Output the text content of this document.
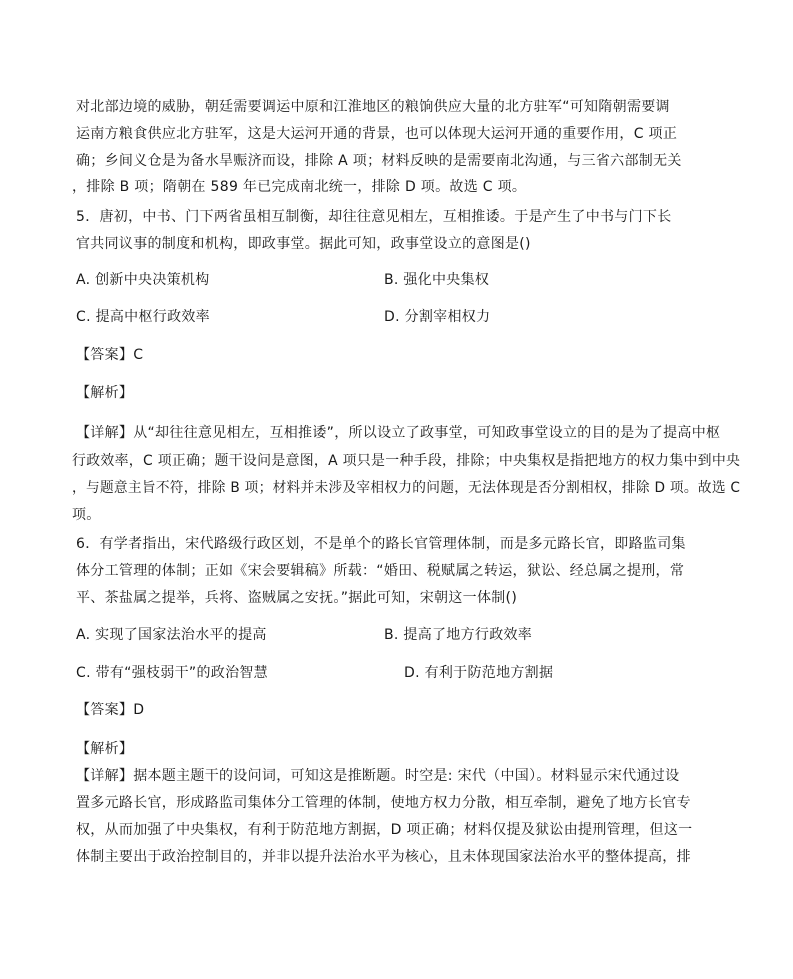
对北部边境的威胁，朝廷需要调运中原和江淮地区的粮饷供应大量的北方驻军“可知隋朝需要调
运南方粮食供应北方驻军，这是大运河开通的背景，也可以体现大运河开通的重要作用，C 项正
确；乡间义仓是为备水旱赈济而设，排除 A 项；材料反映的是需要南北沟通，与三省六部制无关
，排除 B 项；隋朝在 589 年已完成南北统一，排除 D 项。故选 C 项。
5．唐初，中书、门下两省虽相互制衡，却往往意见相左，互相推诿。于是产生了中书与门下长
官共同议事的制度和机构，即政事堂。据此可知，政事堂设立的意图是()
A. 创新中央决策机构	B. 强化中央集权
C. 提高中枢行政效率	D. 分割宰相权力
【答案】C
【解析】
【详解】从“却往往意见相左，互相推诿”，所以设立了政事堂，可知政事堂设立的目的是为了提高中枢
行政效率，C 项正确；题干设问是意图，A 项只是一种手段，排除；中央集权是指把地方的权力集中到中央
，与题意主旨不符，排除 B 项；材料并未涉及宰相权力的问题，无法体现是否分割相权，排除 D 项。故选 C
项。
6．有学者指出，宋代路级行政区划，不是单个的路长官管理体制，而是多元路长官，即路监司集
体分工管理的体制；正如《宋会要辑稿》所载：“婚田、税赋属之转运，狱讼、经总属之提刑，常
平、茶盐属之提举，兵将、盗贼属之安抚。”据此可知，宋朝这一体制()
A. 实现了国家法治水平的提高	B. 提高了地方行政效率
C. 带有“强枝弱干”的政治智慧	D. 有利于防范地方割据
【答案】D
【解析】
【详解】据本题主题干的设问词，可知这是推断题。时空是: 宋代（中国）。材料显示宋代通过设
置多元路长官，形成路监司集体分工管理的体制，使地方权力分散，相互牵制，避免了地方长官专
权，从而加强了中央集权，有利于防范地方割据，D 项正确；材料仅提及狱讼由提刑管理，但这一
体制主要出于政治控制目的，并非以提升法治水平为核心，且未体现国家法治水平的整体提高，排
